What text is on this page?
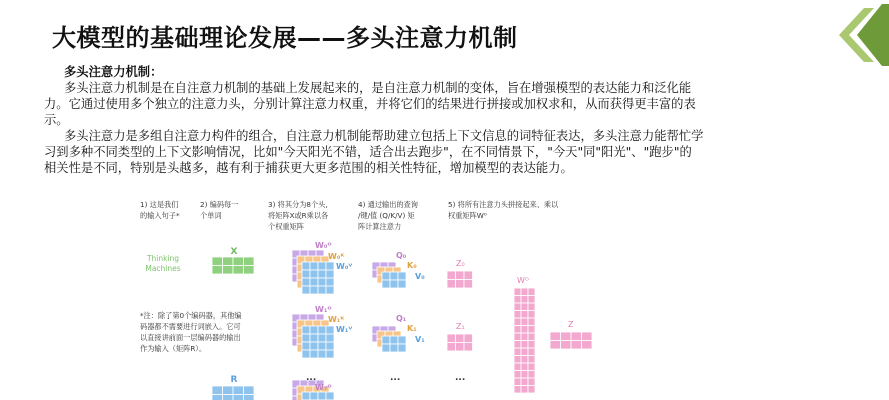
大模型的基础理论发展——多头注意力机制

多头注意力机制：

多头注意力机制是在自注意力机制的基础上发展起来的，是自注意力机制的变体，旨在增强模型的表达能力和泛化能力。它通过使用多个独立的注意力头，分别计算注意力权重，并将它们的结果进行拼接或加权求和，从而获得更丰富的表示。

多头注意力是多组自注意力构件的组合，自注意力机制能帮助建立包括上下文信息的词特征表达，多头注意力能帮忙学习到多种不同类型的上下文影响情况，比如"今天阳光不错，适合出去跑步"，在不同情景下，"今天"同"阳光"、"跑步"的相关性是不同，特别是头越多，越有利于捕获更大更多范围的相关性特征，增加模型的表达能力。

1) 这是我们的输入句子*
2) 编码每一个单词
3) 将其分为8个头,将矩阵X或R乘以各个权重矩阵
4) 通过输出的查询/键/值 (Q/K/V) 矩阵计算注意力
5) 将所有注意力头拼接起来、乘以权重矩阵W⁰
Thinking
Machines
X
*注：除了第0个编码器，其他编
码器都不需要进行词嵌入。它可
以直接讲前面一层编码器的输出
作为输入（矩阵R）。
R
W₀ᴼ
W₀ᴷ
W₀ⱽ
W₁ᴼ
W₁ᴷ
W₁ⱽ
W₇ᴼ
Q₀
K₀
V₀
Q₁
K₁
V₁
...	...	...
Z₀
Z₁
Wᴼ
Z
